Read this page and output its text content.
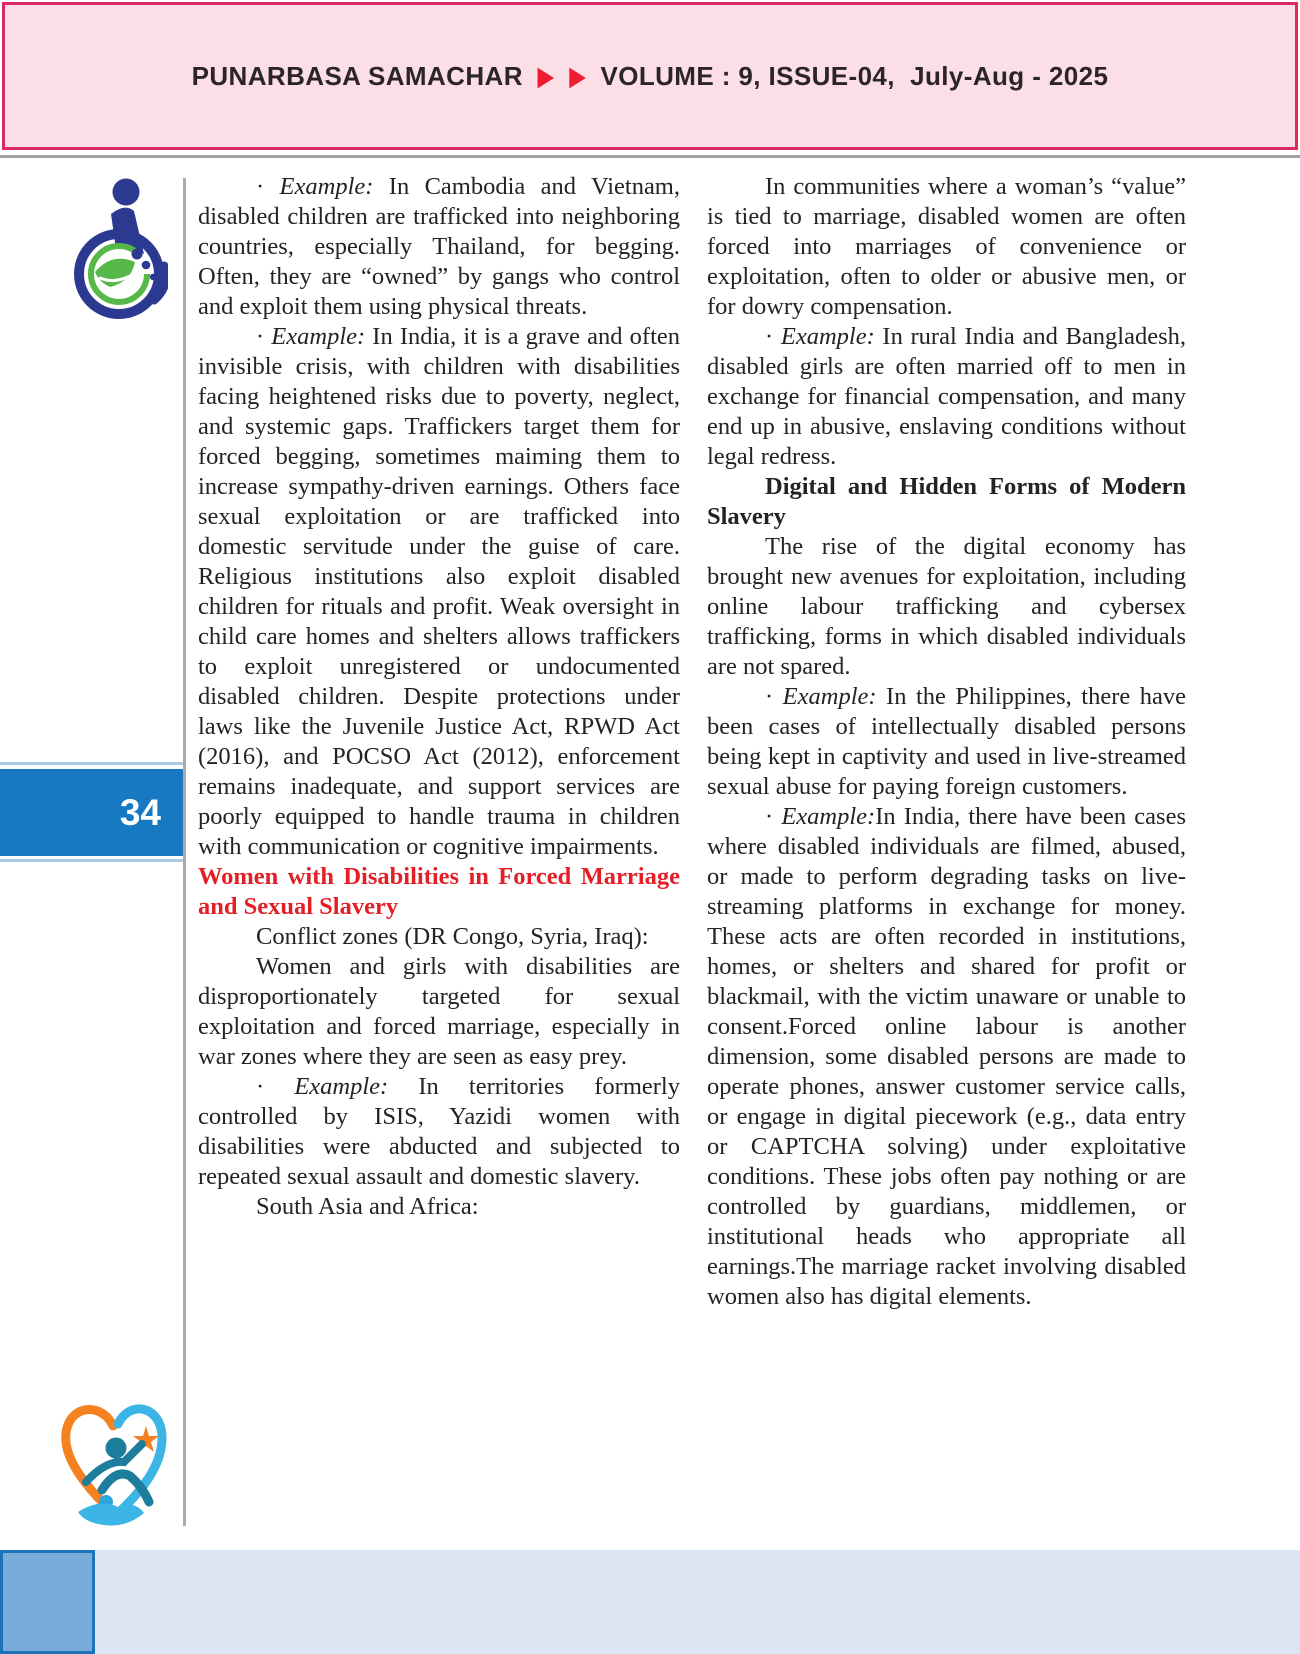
PUNARBASA SAMACHAR ▶ ▶ VOLUME : 9, ISSUE-04,  July-Aug - 2025
34

· Example: In Cambodia and Vietnam, disabled children are trafficked into neighboring countries, especially Thailand, for begging. Often, they are “owned” by gangs who control and exploit them using physical threats.

· Example: In India, it is a grave and often invisible crisis, with children with disabilities facing heightened risks due to poverty, neglect, and systemic gaps. Traffickers target them for forced begging, sometimes maiming them to increase sympathy-driven earnings. Others face sexual exploitation or are trafficked into domestic servitude under the guise of care. Religious institutions also exploit disabled children for rituals and profit. Weak oversight in child care homes and shelters allows traffickers to exploit unregistered or undocumented disabled children. Despite protections under laws like the Juvenile Justice Act, RPWD Act (2016), and POCSO Act (2012), enforcement remains inadequate, and support services are poorly equipped to handle trauma in children with communication or cognitive impairments.

Women with Disabilities in Forced Marriage and Sexual Slavery

Conflict zones (DR Congo, Syria, Iraq):

Women and girls with disabilities are disproportionately targeted for sexual exploitation and forced marriage, especially in war zones where they are seen as easy prey.

· Example: In territories formerly controlled by ISIS, Yazidi women with disabilities were abducted and subjected to repeated sexual assault and domestic slavery.

South Asia and Africa:

In communities where a woman’s “value” is tied to marriage, disabled women are often forced into marriages of convenience or exploitation, often to older or abusive men, or for dowry compensation.

· Example: In rural India and Bangladesh, disabled girls are often married off to men in exchange for financial compensation, and many end up in abusive, enslaving conditions without legal redress.

Digital and Hidden Forms of Modern Slavery

The rise of the digital economy has brought new avenues for exploitation, including online labour trafficking and cybersex trafficking, forms in which disabled individuals are not spared.

· Example: In the Philippines, there have been cases of intellectually disabled persons being kept in captivity and used in live-streamed sexual abuse for paying foreign customers.

· Example:In India, there have been cases where disabled individuals are filmed, abused, or made to perform degrading tasks on live-streaming platforms in exchange for money. These acts are often recorded in institutions, homes, or shelters and shared for profit or blackmail, with the victim unaware or unable to consent.Forced online labour is another dimension, some disabled persons are made to operate phones, answer customer service calls, or engage in digital piecework (e.g., data entry or CAPTCHA solving) under exploitative conditions. These jobs often pay nothing or are controlled by guardians, middlemen, or institutional heads who appropriate all earnings.The marriage racket involving disabled women also has digital elements.
